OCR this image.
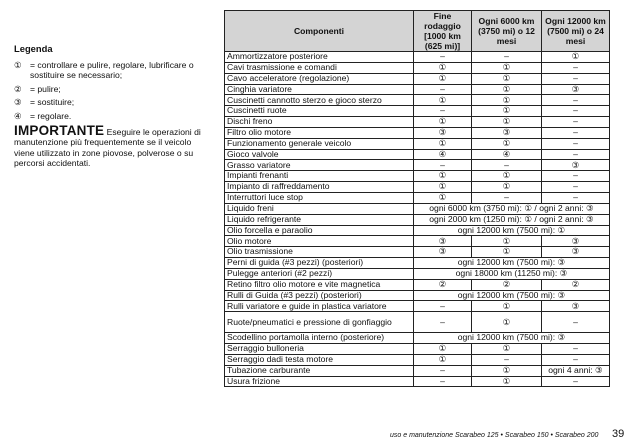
Legenda
① = controllare e pulire, regolare, lubrificare o sostituire se necessario;
② = pulire;
③ = sostituire;
④ = regolare.
IMPORTANTE Eseguire le operazioni di manutenzione più frequentemente se il veicolo viene utilizzato in zone piovose, polverose o su percorsi accidentati.
Componenti	Fine rodaggio [1000 km (625 mi)]	Ogni 6000 km (3750 mi) o 12 mesi	Ogni 12000 km (7500 mi) o 24 mesi
Ammortizzatore posteriore	–	–	①
Cavi trasmissione e comandi	①	①	–
Cavo acceleratore (regolazione)	①	①	–
Cinghia variatore	–	①	③
Cuscinetti cannotto sterzo e gioco sterzo	①	①	–
Cuscinetti ruote	–	①	–
Dischi freno	①	①	–
Filtro olio motore	③	③	–
Funzionamento generale veicolo	①	①	–
Gioco valvole	④	④	–
Grasso variatore	–	–	③
Impianti frenanti	①	①	–
Impianto di raffreddamento	①	①	–
Interruttori luce stop	①	–	–
Liquido freni	ogni 6000 km (3750 mi): ① / ogni 2 anni: ③		
Liquido refrigerante	ogni 2000 km (1250 mi): ① / ogni 2 anni: ③		
Olio forcella e paraolio	ogni 12000 km (7500 mi): ①		
Olio motore	③	①	③
Olio trasmissione	③	①	③
Perni di guida (#3 pezzi) (posteriori)	ogni 12000 km (7500 mi): ③		
Pulegge anteriori (#2 pezzi)	ogni 18000 km (11250 mi): ③		
Retino filtro olio motore e vite magnetica	②	②	②
Rulli di Guida (#3 pezzi) (posteriori)	ogni 12000 km (7500 mi): ③		
Rulli variatore e guide in plastica variatore	–	①	③
Ruote/pneumatici e pressione di gonfiaggio	–	①	–
Scodellino portamolla interno (posteriore)	ogni 12000 km (7500 mi): ③		
Serraggio bulloneria	①	①	–
Serraggio dadi testa motore	①	–	–
Tubazione carburante	–	①	ogni 4 anni: ③
Usura frizione	–	①	–
uso e manutenzione Scarabeo 125 • Scarabeo 150 • Scarabeo 200 39
